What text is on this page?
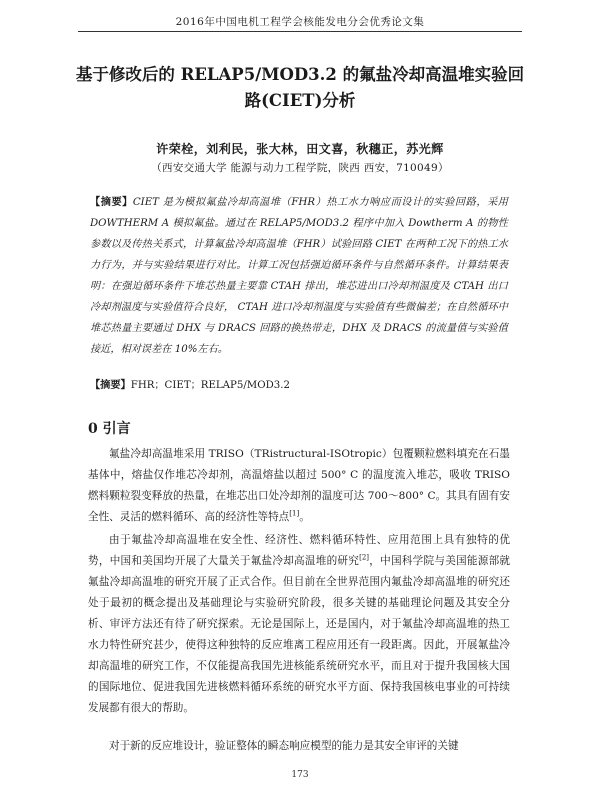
2016年中国电机工程学会核能发电分会优秀论文集
基于修改后的 RELAP5/MOD3.2 的氟盐冷却高温堆实验回路(CIET)分析
许荣栓，刘利民，张大林，田文喜，秋穗正，苏光辉
（西安交通大学 能源与动力工程学院，陕西 西安，710049）
【摘要】CIET 是为模拟氟盐冷却高温堆（FHR）热工水力响应而设计的实验回路，采用 DOWTHERM A 模拟氟盐。通过在 RELAP5/MOD3.2 程序中加入 Dowtherm A 的物性参数以及传热关系式，计算氟盐冷却高温堆（FHR）试验回路 CIET 在两种工况下的热工水力行为，并与实验结果进行对比。计算工况包括强迫循环条件与自然循环条件。计算结果表明：在强迫循环条件下堆芯热量主要靠 CTAH 排出，堆芯进出口冷却剂温度及 CTAH 出口冷却剂温度与实验值符合良好， CTAH 进口冷却剂温度与实验值有些微偏差；在自然循环中堆芯热量主要通过 DHX 与 DRACS 回路的换热带走，DHX 及 DRACS 的流量值与实验值接近，相对误差在 10%左右。
【摘要】FHR；CIET；RELAP5/MOD3.2
0 引言

氟盐冷却高温堆采用 TRISO（TRistructural-ISOtropic）包覆颗粒燃料填充在石墨基体中，熔盐仅作堆芯冷却剂，高温熔盐以超过 500° C 的温度流入堆芯，吸收 TRISO 燃料颗粒裂变释放的热量，在堆芯出口处冷却剂的温度可达 700～800° C。其具有固有安全性、灵活的燃料循环、高的经济性等特点[1]。

由于氟盐冷却高温堆在安全性、经济性、燃料循环特性、应用范围上具有独特的优势，中国和美国均开展了大量关于氟盐冷却高温堆的研究[2]，中国科学院与美国能源部就氟盐冷却高温堆的研究开展了正式合作。但目前在全世界范围内氟盐冷却高温堆的研究还处于最初的概念提出及基础理论与实验研究阶段，很多关键的基础理论问题及其安全分析、审评方法还有待了研究探索。无论是国际上，还是国内，对于氟盐冷却高温堆的热工水力特性研究甚少，使得这种独特的反应堆离工程应用还有一段距离。因此，开展氟盐冷却高温堆的研究工作，不仅能提高我国先进核能系统研究水平，而且对于提升我国核大国的国际地位、促进我国先进核燃料循环系统的研究水平方面、保持我国核电事业的可持续发展都有很大的帮助。

对于新的反应堆设计，验证整体的瞬态响应模型的能力是其安全审评的关键

173
